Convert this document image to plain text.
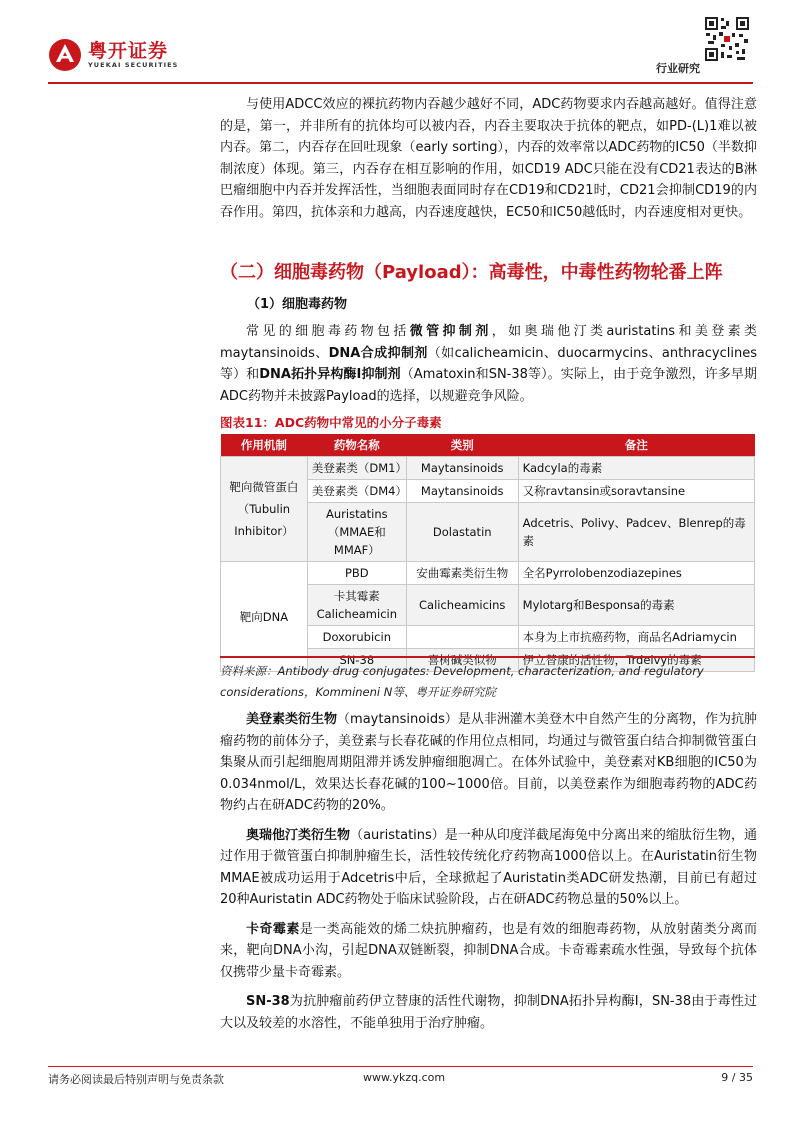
粤开证券
YUEKAI SECURITIES	行业研究

与使用ADCC效应的裸抗药物内吞越少越好不同，ADC药物要求内吞越高越好。值得注意的是，第一，并非所有的抗体均可以被内吞，内吞主要取决于抗体的靶点，如PD-(L)1难以被内吞。第二，内吞存在回吐现象（early sorting），内吞的效率常以ADC药物的IC50（半数抑制浓度）体现。第三，内吞存在相互影响的作用，如CD19 ADC只能在没有CD21表达的B淋巴瘤细胞中内吞并发挥活性，当细胞表面同时存在CD19和CD21时，CD21会抑制CD19的内吞作用。第四，抗体亲和力越高，内吞速度越快，EC50和IC50越低时，内吞速度相对更快。

（二）细胞毒药物（Payload）：高毒性，中毒性药物轮番上阵
（1）细胞毒药物

常见的细胞毒药物包括微管抑制剂，如奥瑞他汀类auristatins和美登素类maytansinoids、DNA合成抑制剂（如calicheamicin、duocarmycins、anthracyclines等）和DNA拓扑异构酶I抑制剂（Amatoxin和SN-38等）。实际上，由于竞争激烈，许多早期ADC药物并未披露Payload的选择，以规避竞争风险。

图表11：ADC药物中常见的小分子毒素
作用机制	药物名称	类别	备注
靶向微管蛋白（Tubulin Inhibitor）	美登素类（DM1）	Maytansinoids	Kadcyla的毒素
	美登素类（DM4）	Maytansinoids	又称ravtansin或soravtansine
	Auristatins（MMAE和MMAF）	Dolastatin	Adcetris、Polivy、Padcev、Blenrep的毒素
靶向DNA	PBD	安曲霉素类衍生物	全名Pyrrolobenzodiazepines
	卡其霉素Calicheamicin	Calicheamicins	Mylotarg和Besponsa的毒素
	Doxorubicin		本身为上市抗癌药物，商品名Adriamycin
	SN-38	喜树碱类似物	伊立替康的活性物，Trdelvy的毒素
资料来源：Antibody drug conjugates: Development, characterization, and regulatory considerations，Kommineni N等、粤开证券研究院

美登素类衍生物（maytansinoids）是从非洲灌木美登木中自然产生的分离物，作为抗肿瘤药物的前体分子，美登素与长春花碱的作用位点相同，均通过与微管蛋白结合抑制微管蛋白集聚从而引起细胞周期阻滞并诱发肿瘤细胞凋亡。在体外试验中，美登素对KB细胞的IC50为0.034nmol/L，效果达长春花碱的100~1000倍。目前，以美登素作为细胞毒药物的ADC药物约占在研ADC药物的20%。

奥瑞他汀类衍生物（auristatins）是一种从印度洋截尾海兔中分离出来的缩肽衍生物，通过作用于微管蛋白抑制肿瘤生长，活性较传统化疗药物高1000倍以上。在Auristatin衍生物MMAE被成功运用于Adcetris中后，全球掀起了Auristatin类ADC研发热潮，目前已有超过20种Auristatin ADC药物处于临床试验阶段，占在研ADC药物总量的50%以上。

卡奇霉素是一类高能效的烯二炔抗肿瘤药，也是有效的细胞毒药物，从放射菌类分离而来，靶向DNA小沟，引起DNA双链断裂，抑制DNA合成。卡奇霉素疏水性强，导致每个抗体仅携带少量卡奇霉素。

SN-38为抗肿瘤前药伊立替康的活性代谢物，抑制DNA拓扑异构酶I，SN-38由于毒性过大以及较差的水溶性，不能单独用于治疗肿瘤。

请务必阅读最后特别声明与免责条款	www.ykzq.com	9 / 35
